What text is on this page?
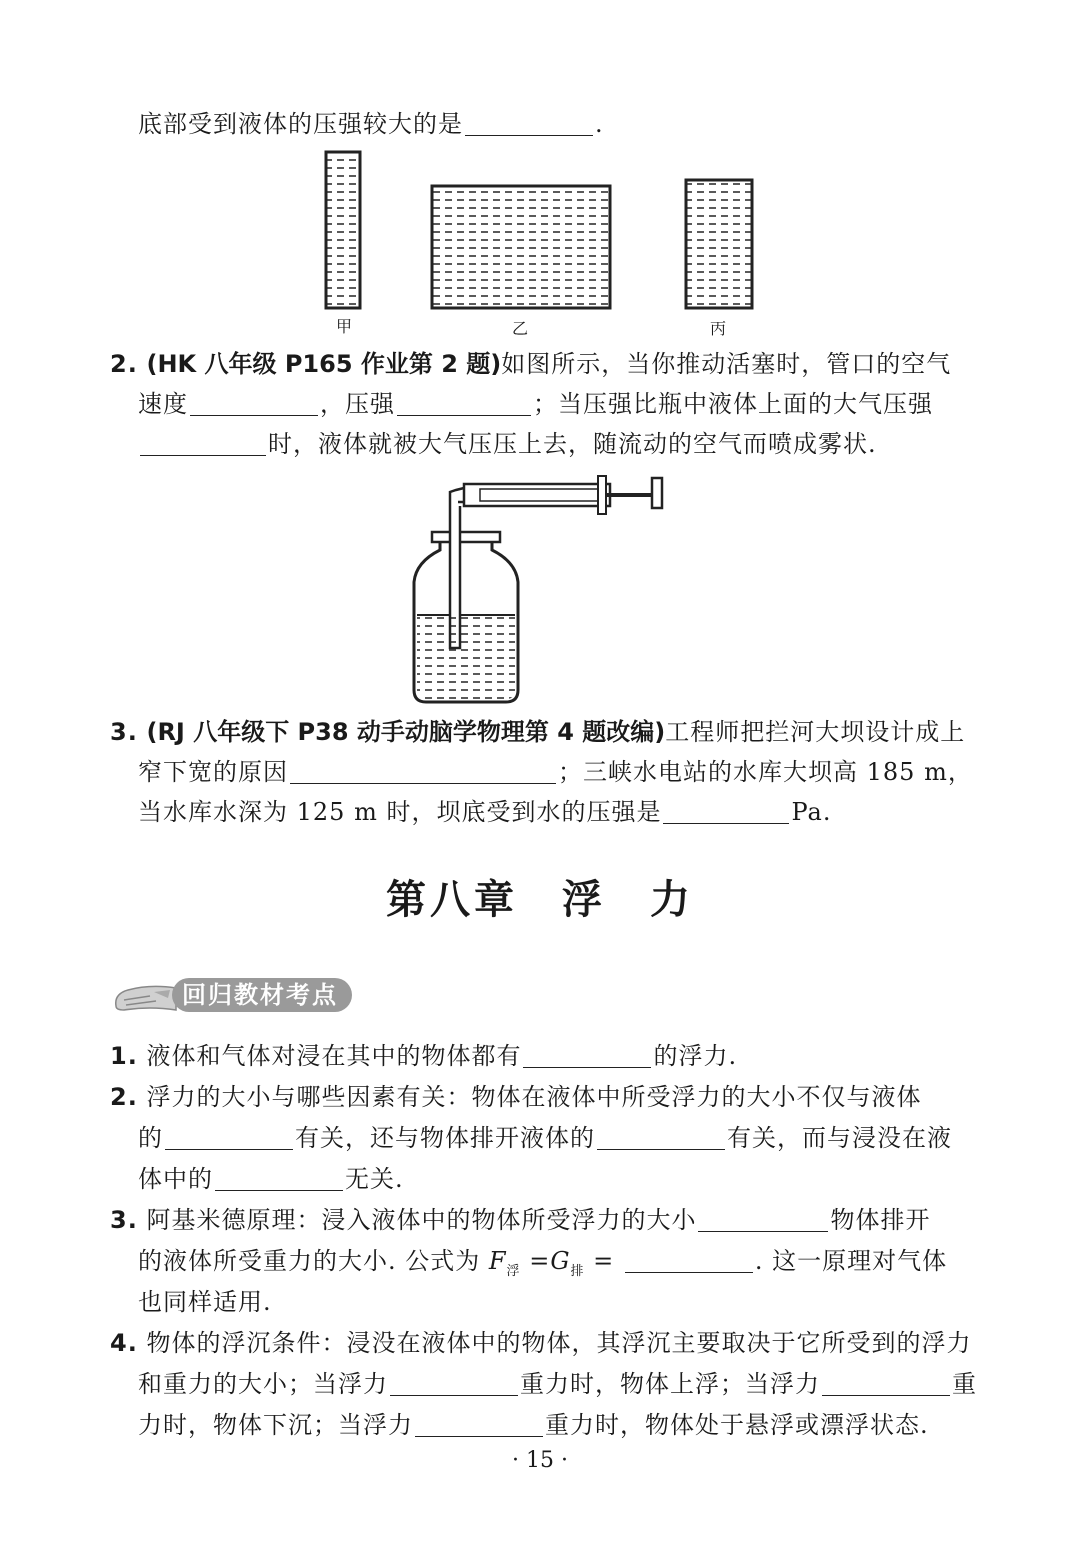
底部受到液体的压强较大的是	.
甲	乙	丙
2. (HK 八年级 P165 作业第 2 题)如图所示，当你推动活塞时，管口的空气
速度	，压强	；当压强比瓶中液体上面的大气压强
时，液体就被大气压压上去，随流动的空气而喷成雾状.
3. (RJ 八年级下 P38 动手动脑学物理第 4 题改编)工程师把拦河大坝设计成上
窄下宽的原因	；三峡水电站的水库大坝高 185 m，
当水库水深为 125 m 时，坝底受到水的压强是	Pa.
第八章　浮　力
回归教材考点
1. 液体和气体对浸在其中的物体都有	的浮力.
2. 浮力的大小与哪些因素有关：物体在液体中所受浮力的大小不仅与液体
的	有关，还与物体排开液体的	有关，而与浸没在液
体中的	无关.
3. 阿基米德原理：浸入液体中的物体所受浮力的大小	物体排开
的液体所受重力的大小. 公式为 $F_浮 =G_排$ =	. 这一原理对气体
也同样适用.
4. 物体的浮沉条件：浸没在液体中的物体，其浮沉主要取决于它所受到的浮力
和重力的大小；当浮力	重力时，物体上浮；当浮力	重
力时，物体下沉；当浮力	重力时，物体处于悬浮或漂浮状态.
· 15 ·
